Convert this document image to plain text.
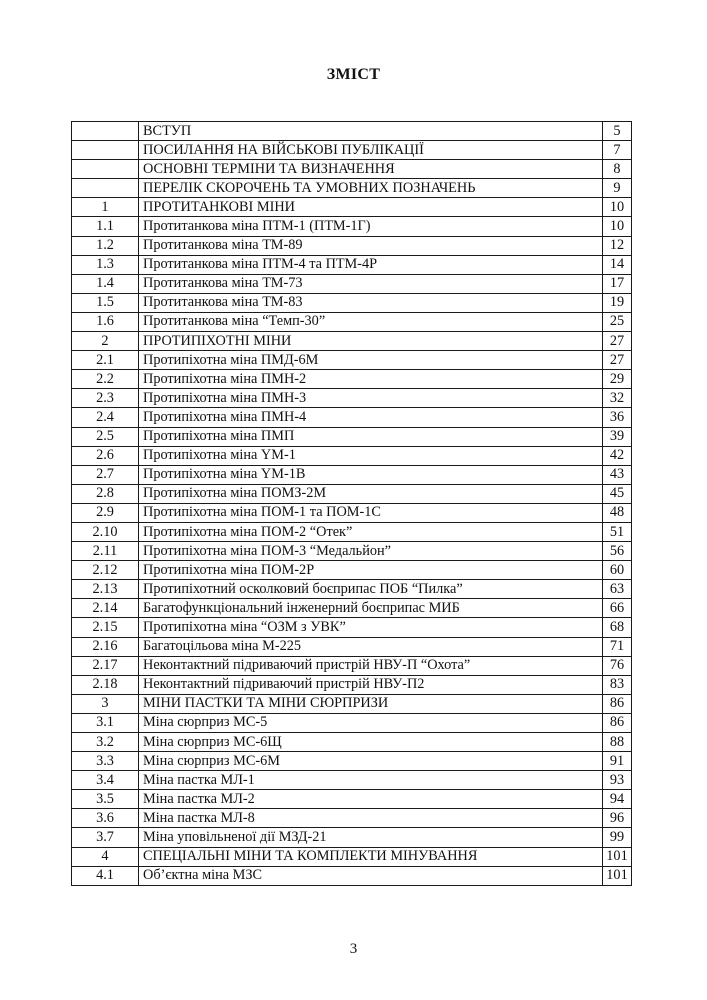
ЗМІСТ
	ВСТУП	5
	ПОСИЛАННЯ НА ВІЙСЬКОВІ ПУБЛІКАЦІЇ	7
	ОСНОВНІ ТЕРМІНИ ТА ВИЗНАЧЕННЯ	8
	ПЕРЕЛІК СКОРОЧЕНЬ ТА УМОВНИХ ПОЗНАЧЕНЬ	9
1	ПРОТИТАНКОВІ МІНИ	10
1.1	Протитанкова міна ПТМ-1 (ПТМ-1Г)	10
1.2	Протитанкова міна ТМ-89	12
1.3	Протитанкова міна ПТМ-4 та ПТМ-4Р	14
1.4	Протитанкова міна ТМ-73	17
1.5	Протитанкова міна ТМ-83	19
1.6	Протитанкова міна “Темп-30”	25
2	ПРОТИПІХОТНІ МІНИ	27
2.1	Протипіхотна міна ПМД-6М	27
2.2	Протипіхотна міна ПМН-2	29
2.3	Протипіхотна міна ПМН-3	32
2.4	Протипіхотна міна ПМН-4	36
2.5	Протипіхотна міна ПМП	39
2.6	Протипіхотна міна YМ-1	42
2.7	Протипіхотна міна YМ-1В	43
2.8	Протипіхотна міна ПОМЗ-2М	45
2.9	Протипіхотна міна ПОМ-1 та ПОМ-1С	48
2.10	Протипіхотна міна ПОМ-2 “Отек”	51
2.11	Протипіхотна міна ПОМ-3 “Медальйон”	56
2.12	Протипіхотна міна ПОМ-2Р	60
2.13	Протипіхотний осколковий боєприпас ПОБ “Пилка”	63
2.14	Багатофункціональний інженерний боєприпас МИБ	66
2.15	Протипіхотна міна “ОЗМ з УВК”	68
2.16	Багатоцільова міна М-225	71
2.17	Неконтактний підриваючий пристрій НВУ-П “Охота”	76
2.18	Неконтактний підриваючий пристрій НВУ-П2	83
3	МІНИ ПАСТКИ ТА МІНИ СЮРПРИЗИ	86
3.1	Міна сюрприз МС-5	86
3.2	Міна сюрприз МС-6Щ	88
3.3	Міна сюрприз МС-6М	91
3.4	Міна пастка МЛ-1	93
3.5	Міна пастка МЛ-2	94
3.6	Міна пастка МЛ-8	96
3.7	Міна уповільненої дії МЗД-21	99
4	СПЕЦІАЛЬНІ МІНИ ТА КОМПЛЕКТИ МІНУВАННЯ	101
4.1	Об’єктна міна МЗС	101
3
